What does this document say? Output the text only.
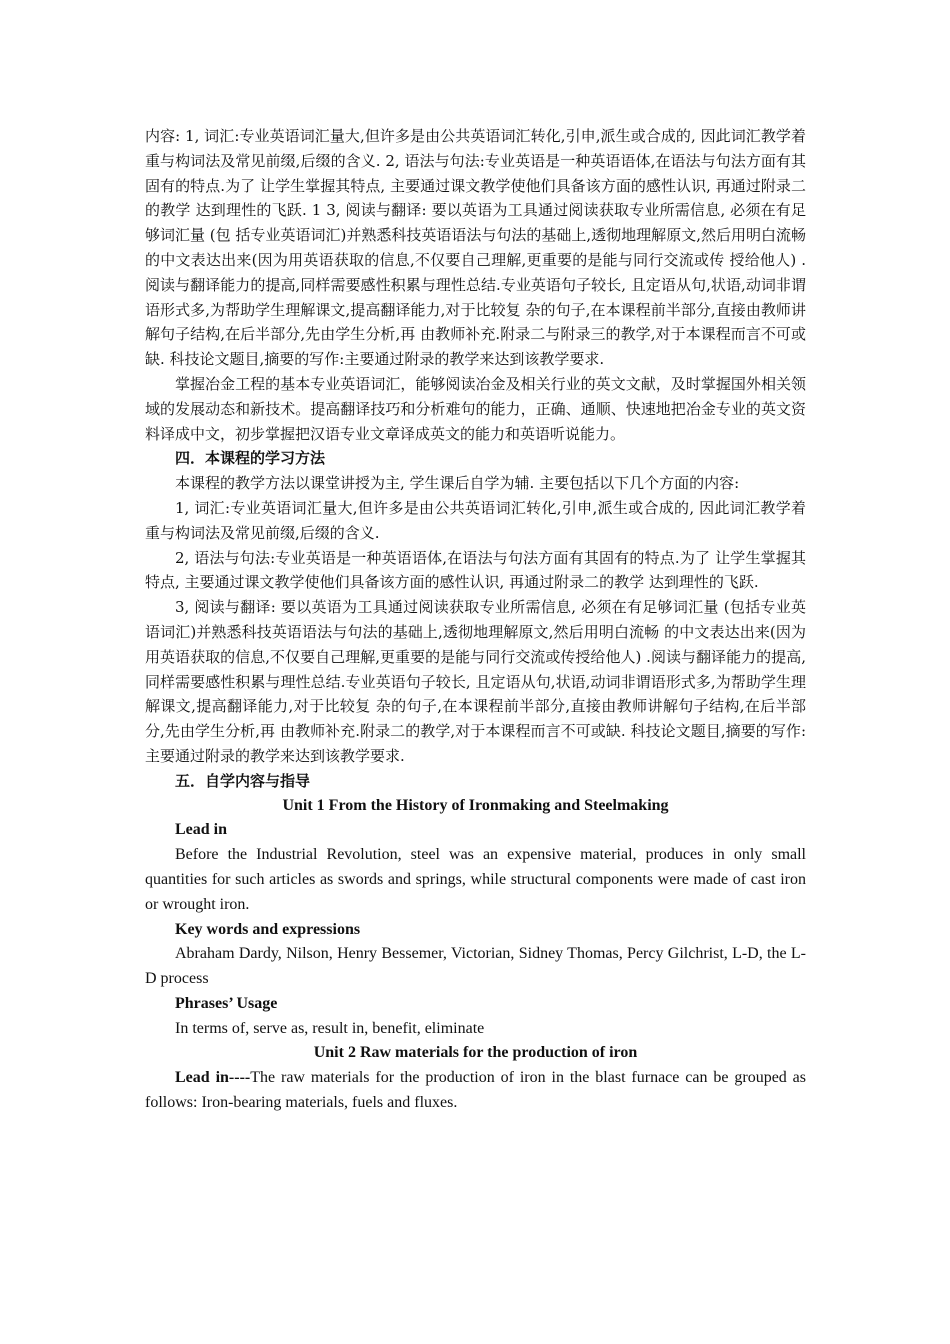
内容: 1, 词汇:专业英语词汇量大,但许多是由公共英语词汇转化,引申,派生或合成的, 因此词汇教学着重与构词法及常见前缀,后缀的含义. 2, 语法与句法:专业英语是一种英语语体,在语法与句法方面有其固有的特点.为了 让学生掌握其特点, 主要通过课文教学使他们具备该方面的感性认识, 再通过附录二的教学 达到理性的飞跃. 1 3, 阅读与翻译: 要以英语为工具通过阅读获取专业所需信息, 必须在有足够词汇量 (包 括专业英语词汇)并熟悉科技英语语法与句法的基础上,透彻地理解原文,然后用明白流畅 的中文表达出来(因为用英语获取的信息,不仅要自己理解,更重要的是能与同行交流或传 授给他人) .阅读与翻译能力的提高,同样需要感性积累与理性总结.专业英语句子较长, 且定语从句,状语,动词非谓语形式多,为帮助学生理解课文,提高翻译能力,对于比较复 杂的句子,在本课程前半部分,直接由教师讲解句子结构,在后半部分,先由学生分析,再 由教师补充.附录二与附录三的教学,对于本课程而言不可或缺. 科技论文题目,摘要的写作:主要通过附录的教学来达到该教学要求.

掌握冶金工程的基本专业英语词汇，能够阅读冶金及相关行业的英文文献，及时掌握国外相关领域的发展动态和新技术。提高翻译技巧和分析难句的能力，正确、通顺、快速地把冶金专业的英文资料译成中文，初步掌握把汉语专业文章译成英文的能力和英语听说能力。

四．本课程的学习方法

本课程的教学方法以课堂讲授为主, 学生课后自学为辅. 主要包括以下几个方面的内容:

1, 词汇:专业英语词汇量大,但许多是由公共英语词汇转化,引申,派生或合成的, 因此词汇教学着重与构词法及常见前缀,后缀的含义.

2, 语法与句法:专业英语是一种英语语体,在语法与句法方面有其固有的特点.为了 让学生掌握其特点, 主要通过课文教学使他们具备该方面的感性认识, 再通过附录二的教学 达到理性的飞跃.

3, 阅读与翻译: 要以英语为工具通过阅读获取专业所需信息, 必须在有足够词汇量 (包括专业英语词汇)并熟悉科技英语语法与句法的基础上,透彻地理解原文,然后用明白流畅 的中文表达出来(因为用英语获取的信息,不仅要自己理解,更重要的是能与同行交流或传授给他人) .阅读与翻译能力的提高,同样需要感性积累与理性总结.专业英语句子较长, 且定语从句,状语,动词非谓语形式多,为帮助学生理解课文,提高翻译能力,对于比较复 杂的句子,在本课程前半部分,直接由教师讲解句子结构,在后半部分,先由学生分析,再 由教师补充.附录二的教学,对于本课程而言不可或缺. 科技论文题目,摘要的写作:主要通过附录的教学来达到该教学要求.

五．自学内容与指导

Unit 1 From the History of Ironmaking and Steelmaking

Lead in

Before the Industrial Revolution, steel was an expensive material, produces in only small quantities for such articles as swords and springs, while structural components were made of cast iron or wrought iron.

Key words and expressions

Abraham Dardy, Nilson, Henry Bessemer, Victorian, Sidney Thomas, Percy Gilchrist, L-D, the L-D process

Phrases’ Usage

In terms of, serve as, result in, benefit, eliminate

Unit 2 Raw materials for the production of iron

Lead in----The raw materials for the production of iron in the blast furnace can be grouped as follows: Iron-bearing materials, fuels and fluxes.
